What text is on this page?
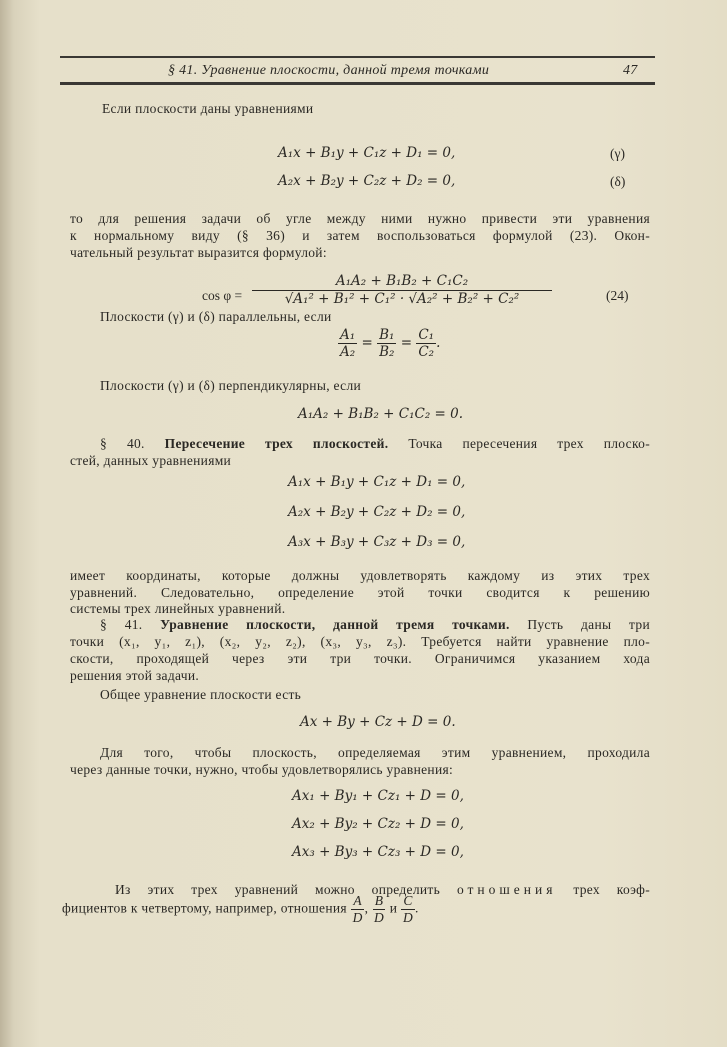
§ 41. Уравнение плоскости, данной тремя точками	47
Если плоскости даны уравнениями
A₁x + B₁y + C₁z + D₁ = 0,	(γ)
A₂x + B₂y + C₂z + D₂ = 0,	(δ)
то для решения задачи об угле между ними нужно привести эти уравнения
к нормальному виду (§ 36) и затем воспользоваться формулой (23). Окон-
чательный результат выразится формулой:
$\cos \varphi = \frac{\text{A₁A₂ + B₁B₂ + C₁C₂}}{\text{√A₁² + B₁² + C₁² · √A₂² + B₂² + C₂²}}$	(24)
Плоскости (γ) и (δ) параллельны, если
$\frac{\text{A₁}}{\text{A₂}} = \frac{\text{B₁}}{\text{B₂}} = \frac{\text{C₁}}{\text{C₂}}$ .
Плоскости (γ) и (δ) перпендикулярны, если
A₁A₂ + B₁B₂ + C₁C₂ = 0.
§ 40. Пересечение трех плоскостей. Точка пересечения трех плоско-
стей, данных уравнениями
A₁x + B₁y + C₁z + D₁ = 0,
A₂x + B₂y + C₂z + D₂ = 0,
A₃x + B₃y + C₃z + D₃ = 0,
имеет координаты, которые должны удовлетворять каждому из этих трех
уравнений. Следовательно, определение этой точки сводится к решению
системы трех линейных уравнений.
§ 41. Уравнение плоскости, данной тремя точками. Пусть даны три
точки (x₁, y₁, z₁), (x₂, y₂, z₂), (x₃, y₃, z₃). Требуется найти уравнение пло-
скости, проходящей через эти три точки. Ограничимся указанием хода
решения этой задачи.
Общее уравнение плоскости есть
Ax + By + Cz + D = 0.
Для того, чтобы плоскость, определяемая этим уравнением, проходила
через данные точки, нужно, чтобы удовлетворялись уравнения:
Ax₁ + By₁ + Cz₁ + D = 0,
Ax₂ + By₂ + Cz₂ + D = 0,
Ax₃ + By₃ + Cz₃ + D = 0,
Из этих трех уравнений можно определить отношения трех коэф-
фициентов к четвертому, например, отношения $\frac{A}{D}$ , $\frac{B}{D}$ и $\frac{C}{D}$ .
